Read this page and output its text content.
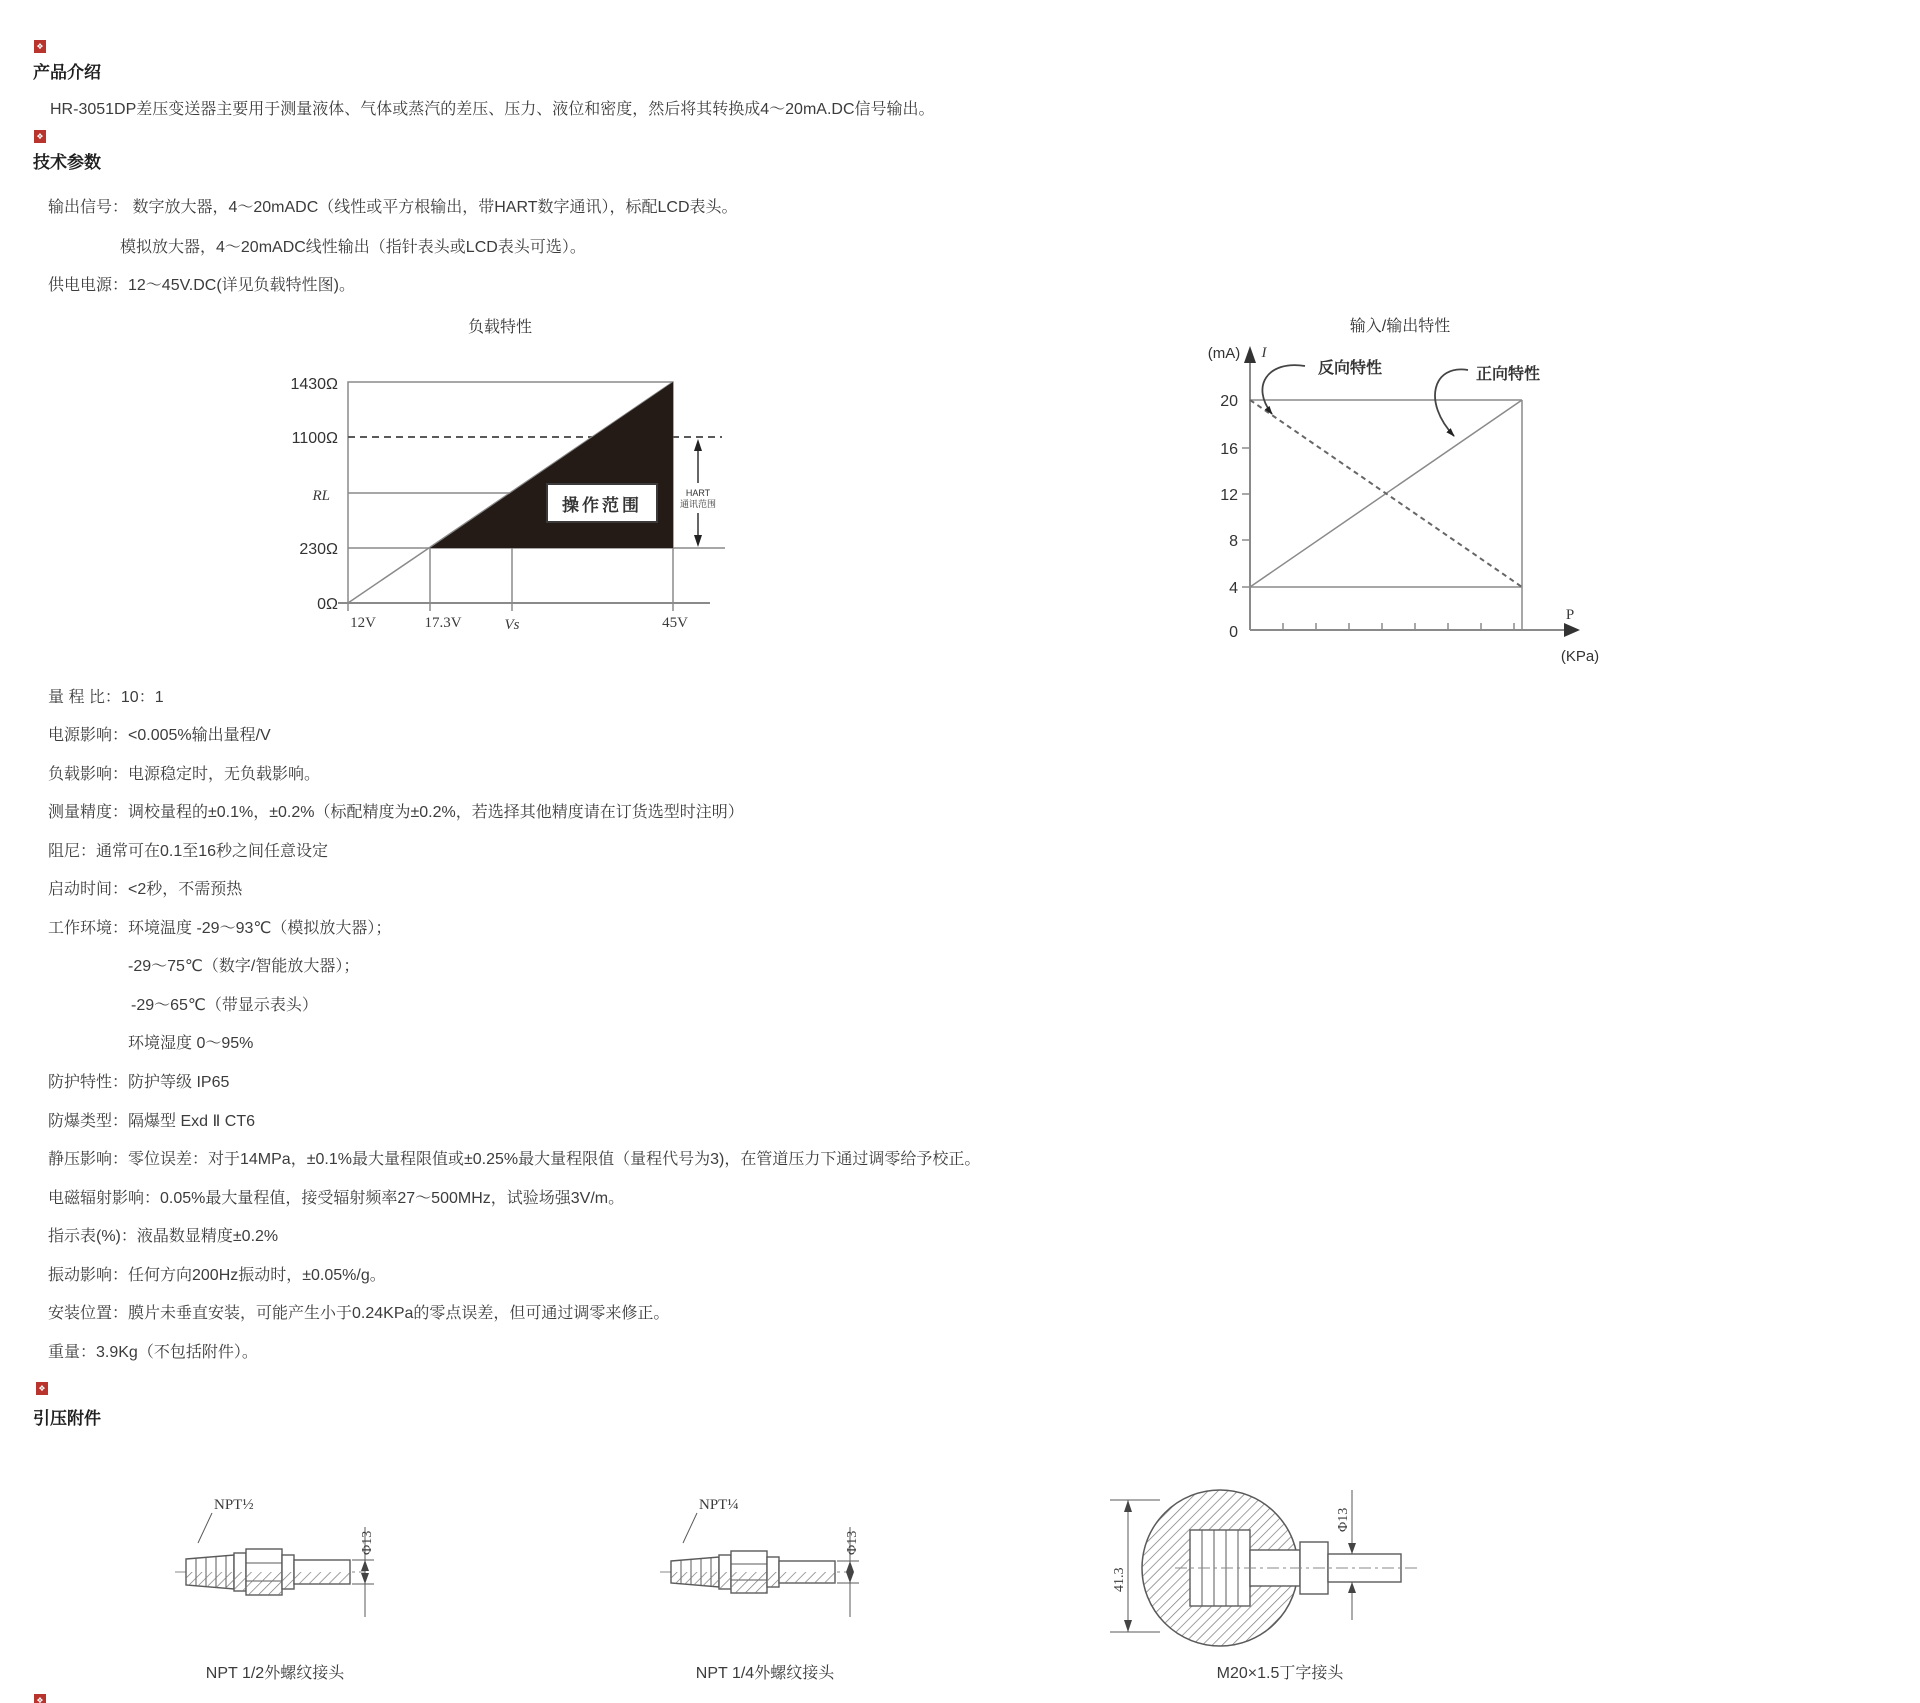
❖
产品介绍
HR-3051DP差压变送器主要用于测量液体、气体或蒸汽的差压、压力、液位和密度，然后将其转换成4～20mA.DC信号输出。
❖
技术参数
输出信号： 数字放大器，4～20mADC（线性或平方根输出，带HART数字通讯），标配LCD表头。
模拟放大器，4～20mADC线性输出（指针表头或LCD表头可选）。
供电电源：12～45V.DC(详见负载特性图)。
量 程 比：10：1
电源影响：<0.005%输出量程/V
负载影响：电源稳定时，无负载影响。
测量精度：调校量程的±0.1%，±0.2%（标配精度为±0.2%，若选择其他精度请在订货选型时注明）
阻尼：通常可在0.1至16秒之间任意设定
启动时间：<2秒，不需预热
工作环境：环境温度 -29～93℃（模拟放大器）；
-29～75℃（数字/智能放大器）；
-29～65℃（带显示表头）
环境湿度 0～95%
防护特性：防护等级 IP65
防爆类型：隔爆型 Exd Ⅱ CT6
静压影响：零位误差：对于14MPa，±0.1%最大量程限值或±0.25%最大量程限值（量程代号为3)，在管道压力下通过调零给予校正。
电磁辐射影响：0.05%最大量程值，接受辐射频率27～500MHz，试验场强3V/m。
指示表(%)：液晶数显精度±0.2%
振动影响：任何方向200Hz振动时，±0.05%/g。
安装位置：膜片未垂直安装，可能产生小于0.24KPa的零点误差，但可通过调零来修正。
重量：3.9Kg（不包括附件）。
负载特性
HART
通讯范围
操作范围
1430Ω
1100Ω
RL
230Ω
0Ω
12V	17.3V	Vs	45V
输入/输出特性
反向特性	正向特性
(mA) I
P
(KPa)
20
16
12
8
4
0
❖
引压附件
NPT½
Φ13
NPT 1/2外螺纹接头
NPT¼
Φ13
NPT 1/4外螺纹接头
41.3
Φ13
M20×1.5丁字接头
❖
